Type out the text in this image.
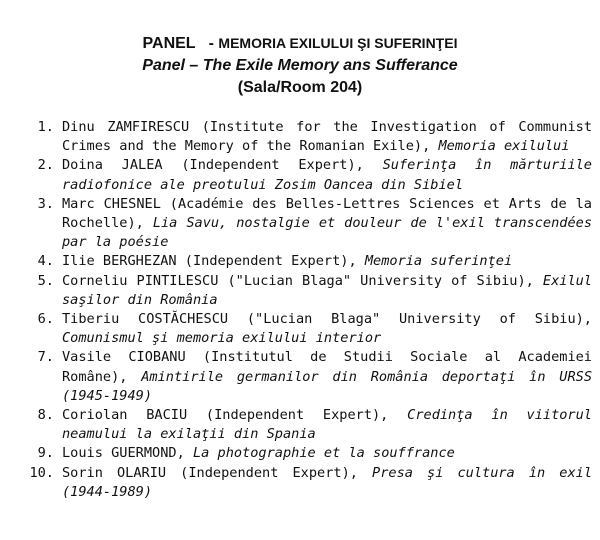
PANEL - MEMORIA EXILULUI ŞI SUFERINŢEI
Panel – The Exile Memory ans Sufferance
(Sala/Room 204)
1. Dinu ZAMFIRESCU (Institute for the Investigation of Communist Crimes and the Memory of the Romanian Exile), Memoria exilului
2. Doina JALEA (Independent Expert), Suferinţa în mărturiile radiofonice ale preotului Zosim Oancea din Sibiel
3. Marc CHESNEL (Académie des Belles-Lettres Sciences et Arts de la Rochelle), Lia Savu, nostalgie et douleur de l'exil transcendées par la poésie
4. Ilie BERGHEZAN (Independent Expert), Memoria suferinţei
5. Corneliu PINTILESCU ("Lucian Blaga" University of Sibiu), Exilul saşilor din România
6. Tiberiu COSTĂCHESCU ("Lucian Blaga" University of Sibiu), Comunismul şi memoria exilului interior
7. Vasile CIOBANU (Institutul de Studii Sociale al Academiei Române), Amintirile germanilor din România deportaţi în URSS (1945-1949)
8. Coriolan BACIU (Independent Expert), Credinţa în viitorul neamului la exilaţii din Spania
9. Louis GUERMOND, La photographie et la souffrance
10. Sorin OLARIU (Independent Expert), Presa şi cultura în exil (1944-1989)
